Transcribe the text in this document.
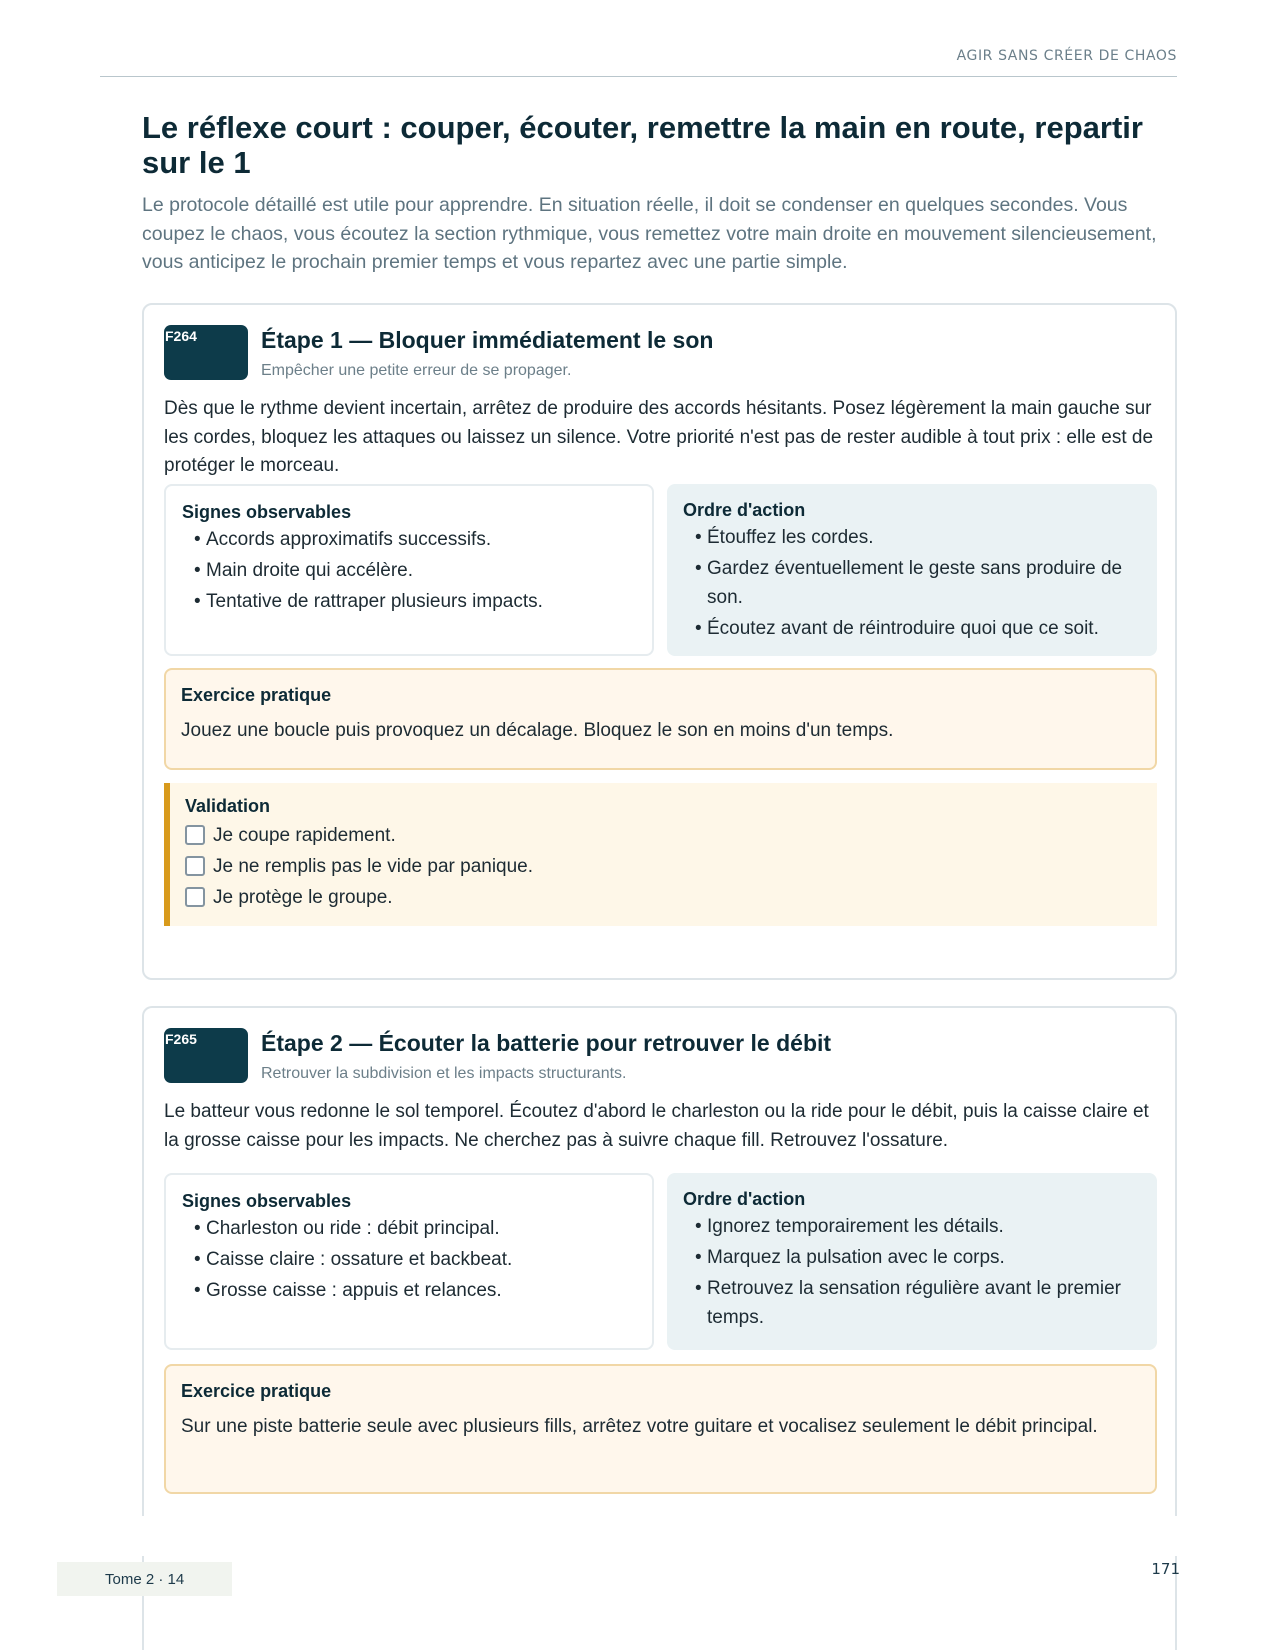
AGIR SANS CRÉER DE CHAOS
Le réflexe court : couper, écouter, remettre la main en route, repartir sur le 1

Le protocole détaillé est utile pour apprendre. En situation réelle, il doit se condenser en quelques secondes. Vous coupez le chaos, vous écoutez la section rythmique, vous remettez votre main droite en mouvement silencieusement, vous anticipez le prochain premier temps et vous repartez avec une partie simple.

F264	Étape 1 — Bloquer immédiatement le son
Empêcher une petite erreur de se propager.

Dès que le rythme devient incertain, arrêtez de produire des accords hésitants. Posez légèrement la main gauche sur les cordes, bloquez les attaques ou laissez un silence. Votre priorité n'est pas de rester audible à tout prix : elle est de protéger le morceau.

Signes observables
• Accords approximatifs successifs.
• Main droite qui accélère.
• Tentative de rattraper plusieurs impacts.
Ordre d'action
• Étouffez les cordes.
• Gardez éventuellement le geste sans produire de son.
• Écoutez avant de réintroduire quoi que ce soit.
Exercice pratique
Jouez une boucle puis provoquez un décalage. Bloquez le son en moins d'un temps.
Validation
Je coupe rapidement.
Je ne remplis pas le vide par panique.
Je protège le groupe.
F265	Étape 2 — Écouter la batterie pour retrouver le débit
Retrouver la subdivision et les impacts structurants.

Le batteur vous redonne le sol temporel. Écoutez d'abord le charleston ou la ride pour le débit, puis la caisse claire et la grosse caisse pour les impacts. Ne cherchez pas à suivre chaque fill. Retrouvez l'ossature.

Signes observables
• Charleston ou ride : débit principal.
• Caisse claire : ossature et backbeat.
• Grosse caisse : appuis et relances.
Ordre d'action
• Ignorez temporairement les détails.
• Marquez la pulsation avec le corps.
• Retrouvez la sensation régulière avant le premier temps.
Exercice pratique
Sur une piste batterie seule avec plusieurs fills, arrêtez votre guitare et vocalisez seulement le débit principal.
Tome 2 · 14
171
